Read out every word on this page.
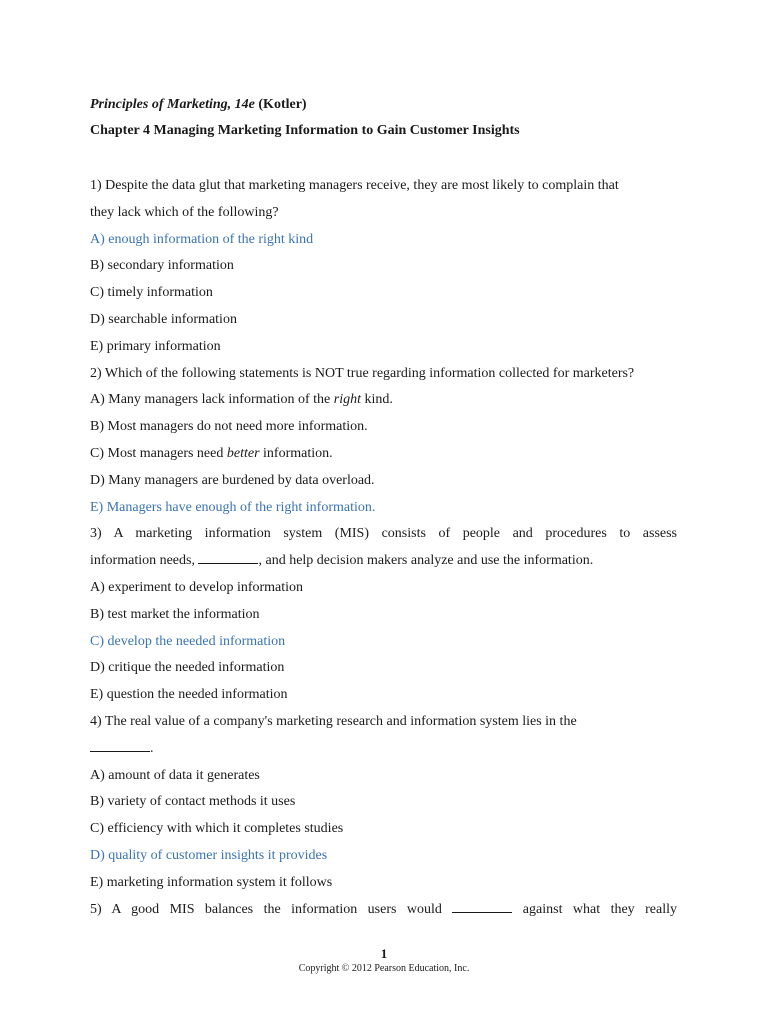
Principles of Marketing, 14e (Kotler)
Chapter 4 Managing Marketing Information to Gain Customer Insights
1) Despite the data glut that marketing managers receive, they are most likely to complain that
they lack which of the following?
A) enough information of the right kind
B) secondary information
C) timely information
D) searchable information
E) primary information
2) Which of the following statements is NOT true regarding information collected for marketers?
A) Many managers lack information of the right kind.
B) Most managers do not need more information.
C) Most managers need better information.
D) Many managers are burdened by data overload.
E) Managers have enough of the right information.
3) A marketing information system (MIS) consists of people and procedures to assess
information needs,	, and help decision makers analyze and use the information.
A) experiment to develop information
B) test market the information
C) develop the needed information
D) critique the needed information
E) question the needed information
4) The real value of a company's marketing research and information system lies in the
.
A) amount of data it generates
B) variety of contact methods it uses
C) efficiency with which it completes studies
D) quality of customer insights it provides
E) marketing information system it follows
5) A good MIS balances the information users would	against what they really
1
Copyright © 2012 Pearson Education, Inc.
